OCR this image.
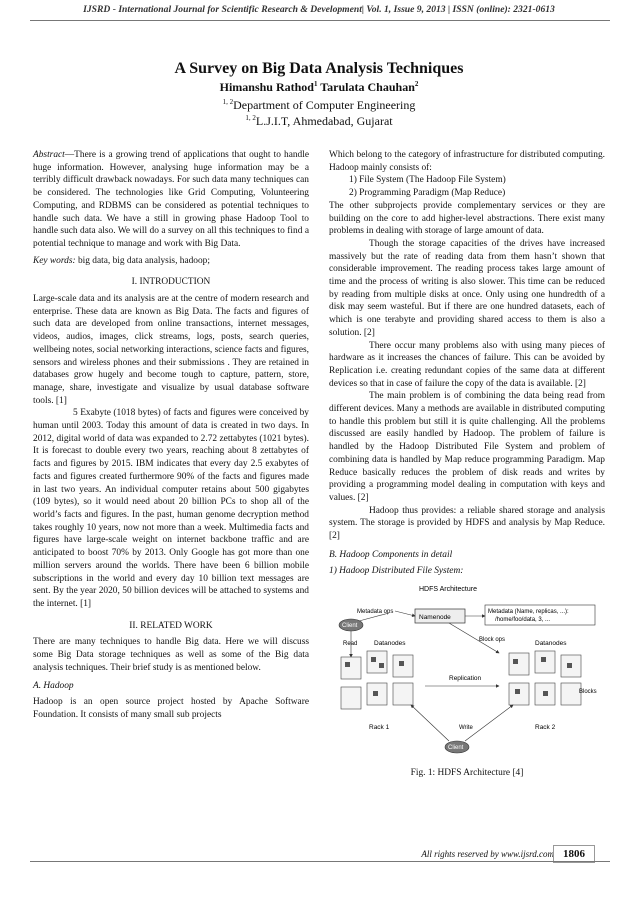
IJSRD - International Journal for Scientific Research & Development| Vol. 1, Issue 9, 2013 | ISSN (online): 2321-0613
A Survey on Big Data Analysis Techniques
Himanshu Rathod$^1$ Tarulata Chauhan$^2$
$^{1, 2}$Department of Computer Engineering
$^{1, 2}$L.J.I.T, Ahmedabad, Gujarat

Abstract—There is a growing trend of applications that ought to handle huge information. However, analysing huge information may be a terribly difficult drawback nowadays. For such data many techniques can be considered. The technologies like Grid Computing, Volunteering Computing, and RDBMS can be considered as potential techniques to handle such data. We have a still in growing phase Hadoop Tool to handle such data also. We will do a survey on all this techniques to find a potential technique to manage and work with Big Data.

Key words: big data, big data analysis, hadoop;

I. INTRODUCTION

Large-scale data and its analysis are at the centre of modern research and enterprise. These data are known as Big Data. The facts and figures of such data are developed from online transactions, internet messages, videos, audios, images, click streams, logs, posts, search queries, wellbeing notes, social networking interactions, science facts and figures, sensors and wireless phones and their submissions . They are retained in databases grow hugely and become tough to capture, pattern, store, manage, share, investigate and visualize by usual database software tools. [1]

5 Exabyte (1018 bytes) of facts and figures were conceived by human until 2003. Today this amount of data is created in two days. In 2012, digital world of data was expanded to 2.72 zettabytes (1021 bytes). It is forecast to double every two years, reaching about 8 zettabytes of facts and figures by 2015. IBM indicates that every day 2.5 exabytes of facts and figures created furthermore 90% of the facts and figures made in last two years. An individual computer retains about 500 gigabytes (109 bytes), so it would need about 20 billion PCs to shop all of the world’s facts and figures. In the past, human genome decryption method takes roughly 10 years, now not more than a week. Multimedia facts and figures have large-scale weight on internet backbone traffic and are anticipated to boost 70% by 2013. Only Google has got more than one million servers around the worlds. There have been 6 billion mobile subscriptions in the world and every day 10 billion text messages are sent. By the year 2020, 50 billion devices will be attached to systems and the internet. [1]

II. RELATED WORK

There are many techniques to handle Big data. Here we will discuss some Big Data storage techniques as well as some of the Big data analysis techniques. Their brief study is as mentioned below.

A. Hadoop

Hadoop is an open source project hosted by Apache Software Foundation. It consists of many small sub projects

Which belong to the category of infrastructure for distributed computing. Hadoop mainly consists of:

1) File System (The Hadoop File System)
2) Programming Paradigm (Map Reduce)

The other subprojects provide complementary services or they are building on the core to add higher-level abstractions. There exist many problems in dealing with storage of large amount of data.

Though the storage capacities of the drives have increased massively but the rate of reading data from them hasn’t shown that considerable improvement. The reading process takes large amount of time and the process of writing is also slower. This time can be reduced by reading from multiple disks at once. Only using one hundredth of a disk may seem wasteful. But if there are one hundred datasets, each of which is one terabyte and providing shared access to them is also a solution. [2]

There occur many problems also with using many pieces of hardware as it increases the chances of failure. This can be avoided by Replication i.e. creating redundant copies of the same data at different devices so that in case of failure the copy of the data is available. [2]

The main problem is of combining the data being read from different devices. Many a methods are available in distributed computing to handle this problem but still it is quite challenging. All the problems discussed are easily handled by Hadoop. The problem of failure is handled by the Hadoop Distributed File System and problem of combining data is handled by Map reduce programming Paradigm. Map Reduce basically reduces the problem of disk reads and writes by providing a programming model dealing in computation with keys and values. [2]

Hadoop thus provides: a reliable shared storage and analysis system. The storage is provided by HDFS and analysis by Map Reduce. [2]

B. Hadoop Components in detail
1) Hadoop Distributed File System:
HDFS Architecture
Namenode
Metadata (Name, replicas, ...):
/home/foo/data, 3, ...
Metadata ops
Client
Read
Block ops
Datanodes	Datanodes
Replication
Blocks
Rack 1	Rack 2
Client
Write
Fig. 1: HDFS Architecture [4]
All rights reserved by www.ijsrd.com 1806
